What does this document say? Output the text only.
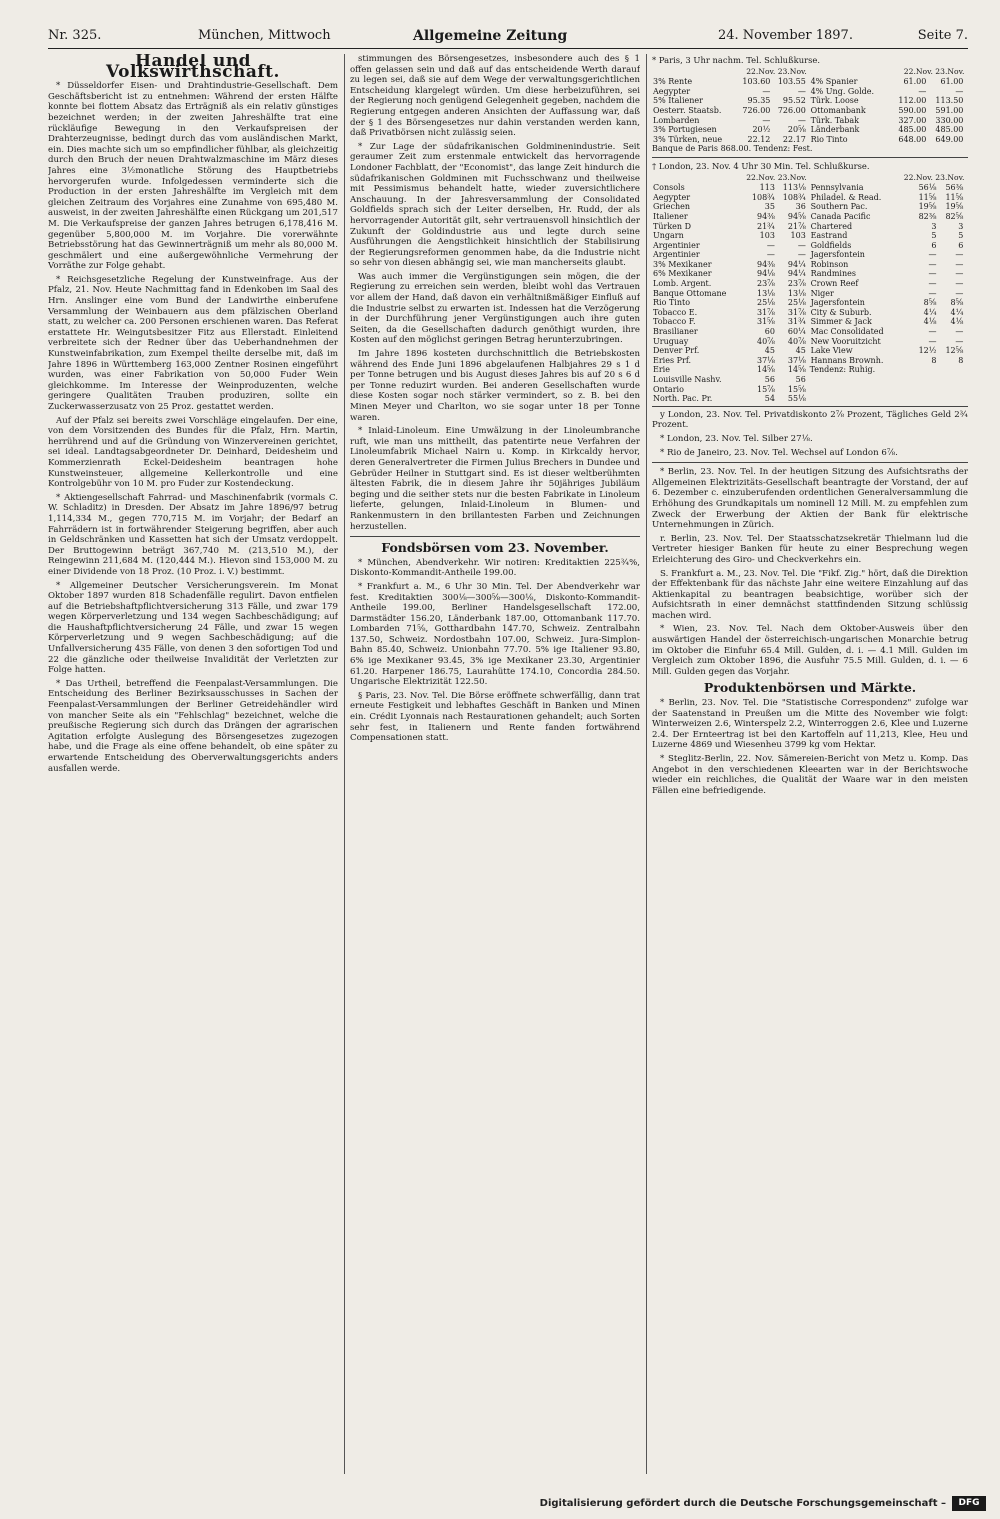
Nr. 325.	München, Mittwoch	Allgemeine Zeitung	24. November 1897.	Seite 7.
Handel und Volkswirthschaft.

* Düsseldorfer Eisen- und Drahtindustrie-Gesellschaft. Dem Geschäftsbericht ist zu entnehmen: Während der ersten Hälfte konnte bei flottem Absatz das Erträgniß als ein relativ günstiges bezeichnet werden; in der zweiten Jahreshälfte trat eine rückläufige Bewegung in den Verkaufspreisen der Drahterzeugnisse, bedingt durch das vom ausländischen Markt, ein. Dies machte sich um so empfindlicher fühlbar, als gleichzeitig durch den Bruch der neuen Drahtwalzmaschine im März dieses Jahres eine 3½monatliche Störung des Hauptbetriebs hervorgerufen wurde. Infolgedessen verminderte sich die Production in der ersten Jahreshälfte im Vergleich mit dem gleichen Zeitraum des Vorjahres eine Zunahme von 695,480 M. ausweist, in der zweiten Jahreshälfte einen Rückgang um 201,517 M. Die Verkaufspreise der ganzen Jahres betrugen 6,178,416 M. gegenüber 5,800,000 M. im Vorjahre. Die vorerwähnte Betriebsstörung hat das Gewinnerträgniß um mehr als 80,000 M. geschmälert und eine außergewöhnliche Vermehrung der Vorräthe zur Folge gehabt.

* Reichsgesetzliche Regelung der Kunstweinfrage. Aus der Pfalz, 21. Nov. Heute Nachmittag fand in Edenkoben im Saal des Hrn. Anslinger eine vom Bund der Landwirthe einberufene Versammlung der Weinbauern aus dem pfälzischen Oberland statt, zu welcher ca. 200 Personen erschienen waren. Das Referat erstattete Hr. Weingutsbesitzer Fitz aus Ellerstadt. Einleitend verbreitete sich der Redner über das Ueberhandnehmen der Kunstweinfabrikation, zum Exempel theilte derselbe mit, daß im Jahre 1896 in Württemberg 163,000 Zentner Rosinen eingeführt wurden, was einer Fabrikation von 50,000 Fuder Wein gleichkomme. Im Interesse der Weinproduzenten, welche geringere Qualitäten Trauben produziren, sollte ein Zuckerwasserzusatz von 25 Proz. gestattet werden.

Auf der Pfalz sei bereits zwei Vorschläge eingelaufen. Der eine, von dem Vorsitzenden des Bundes für die Pfalz, Hrn. Martin, herrührend und auf die Gründung von Winzervereinen gerichtet, sei ideal. Landtagsabgeordneter Dr. Deinhard, Deidesheim und Kommerzienrath Eckel-Deidesheim beantragen hohe Kunstweinsteuer, allgemeine Kellerkontrolle und eine Kontrolgebühr von 10 M. pro Fuder zur Kostendeckung.

* Aktiengesellschaft Fahrrad- und Maschinenfabrik (vormals C. W. Schladitz) in Dresden. Der Absatz im Jahre 1896/97 betrug 1,114,334 M., gegen 770,715 M. im Vorjahr; der Bedarf an Fahrrädern ist in fortwährender Steigerung begriffen, aber auch in Geldschränken und Kassetten hat sich der Umsatz verdoppelt. Der Bruttogewinn beträgt 367,740 M. (213,510 M.), der Reingewinn 211,684 M. (120,444 M.). Hievon sind 153,000 M. zu einer Dividende von 18 Proz. (10 Proz. i. V.) bestimmt.

* Allgemeiner Deutscher Versicherungsverein. Im Monat Oktober 1897 wurden 818 Schadenfälle regulirt. Davon entfielen auf die Betriebshaftpflichtversicherung 313 Fälle, und zwar 179 wegen Körperverletzung und 134 wegen Sachbeschädigung; auf die Haushaftpflichtversicherung 24 Fälle, und zwar 15 wegen Körperverletzung und 9 wegen Sachbeschädigung; auf die Unfallversicherung 435 Fälle, von denen 3 den sofortigen Tod und 22 die gänzliche oder theilweise Invalidität der Verletzten zur Folge hatten.

* Das Urtheil, betreffend die Feenpalast-Versammlungen. Die Entscheidung des Berliner Bezirksausschusses in Sachen der Feenpalast-Versammlungen der Berliner Getreidehändler wird von mancher Seite als ein "Fehlschlag" bezeichnet, welche die preußische Regierung sich durch das Drängen der agrarischen Agitation erfolgte Auslegung des Börsengesetzes zugezogen habe, und die Frage als eine offene behandelt, ob eine später zu erwartende Entscheidung des Oberverwaltungsgerichts anders ausfallen werde.

stimmungen des Börsengesetzes, insbesondere auch des § 1 offen gelassen sein und daß auf das entscheidende Werth darauf zu legen sei, daß sie auf dem Wege der verwaltungsgerichtlichen Entscheidung klargelegt würden. Um diese herbeizuführen, sei der Regierung noch genügend Gelegenheit gegeben, nachdem die Regierung entgegen anderen Ansichten der Auffassung war, daß der § 1 des Börsengesetzes nur dahin verstanden werden kann, daß Privatbörsen nicht zulässig seien.

* Zur Lage der südafrikanischen Goldminenindustrie. Seit geraumer Zeit zum erstenmale entwickelt das hervorragende Londoner Fachblatt, der "Economist", das lange Zeit hindurch die südafrikanischen Goldminen mit Fuchsschwanz und theilweise mit Pessimismus behandelt hatte, wieder zuversichtlichere Anschauung. In der Jahresversammlung der Consolidated Goldfields sprach sich der Leiter derselben, Hr. Rudd, der als hervorragender Autorität gilt, sehr vertrauensvoll hinsichtlich der Zukunft der Goldindustrie aus und legte durch seine Ausführungen die Aengstlichkeit hinsichtlich der Stabilisirung der Regierungsreformen genommen habe, da die Industrie nicht so sehr von diesen abhängig sei, wie man mancherseits glaubt.

Was auch immer die Vergünstigungen sein mögen, die der Regierung zu erreichen sein werden, bleibt wohl das Vertrauen vor allem der Hand, daß davon ein verhältnißmäßiger Einfluß auf die Industrie selbst zu erwarten ist. Indessen hat die Verzögerung in der Durchführung jener Vergünstigungen auch ihre guten Seiten, da die Gesellschaften dadurch genöthigt wurden, ihre Kosten auf den möglichst geringen Betrag herunterzubringen.

Im Jahre 1896 kosteten durchschnittlich die Betriebskosten während des Ende Juni 1896 abgelaufenen Halbjahres 29 s 1 d per Tonne betrugen und bis August dieses Jahres bis auf 20 s 6 d per Tonne reduzirt wurden. Bei anderen Gesellschaften wurde diese Kosten sogar noch stärker vermindert, so z. B. bei den Minen Meyer und Charlton, wo sie sogar unter 18 per Tonne waren.

* Inlaid-Linoleum. Eine Umwälzung in der Linoleumbranche ruft, wie man uns mittheilt, das patentirte neue Verfahren der Linoleumfabrik Michael Nairn u. Komp. in Kirkcaldy hervor, deren Generalvertreter die Firmen Julius Brechers in Dundee und Gebrüder Heilner in Stuttgart sind. Es ist dieser weltberühmten ältesten Fabrik, die in diesem Jahre ihr 50jähriges Jubiläum beging und die seither stets nur die besten Fabrikate in Linoleum lieferte, gelungen, Inlaid-Linoleum in Blumen- und Rankenmustern in den brillantesten Farben und Zeichnungen herzustellen.

Fondsbörsen vom 23. November.

* München, Abendverkehr. Wir notiren: Kreditaktien 225¾%, Diskonto-Kommandit-Antheile 199.00.

* Frankfurt a. M., 6 Uhr 30 Min. Tel. Der Abendverkehr war fest. Kreditaktien 300⅛—300⅝—300⅛, Diskonto-Kommandit-Antheile 199.00, Berliner Handelsgesellschaft 172.00, Darmstädter 156.20, Länderbank 187.00, Ottomanbank 117.70. Lombarden 71⅝, Gotthardbahn 147.70, Schweiz. Zentralbahn 137.50, Schweiz. Nordostbahn 107.00, Schweiz. Jura-Simplon-Bahn 85.40, Schweiz. Unionbahn 77.70. 5% ige Italiener 93.80, 6% ige Mexikaner 93.45, 3% ige Mexikaner 23.30, Argentinier 61.20. Harpener 186.75, Laurahütte 174.10, Concordia 284.50. Ungarische Elektrizität 122.50.

§ Paris, 23. Nov. Tel. Die Börse eröffnete schwerfällig, dann trat erneute Festigkeit und lebhaftes Geschäft in Banken und Minen ein. Crédit Lyonnais nach Restaurationen gehandelt; auch Sorten sehr fest, in Italienern und Rente fanden fortwährend Compensationen statt.

* Paris, 3 Uhr nachm. Tel. Schlußkurse.
22.Nov. 23.Nov.
3% Rente	103.60	103.55
Aegypter	—	—
5% Italiener	95.35	95.52
Oesterr. Staatsb.	726.00	726.00
Lombarden	—	—
3% Portugiesen	20½	20⅝
3% Türken, neue	22.12	22.17

22.Nov. 23.Nov.
4% Spanier	61.00	61.00
4% Ung. Golde.	—	—
Türk. Loose	112.00	113.50
Ottomanbank	590.00	591.00
Türk. Tabak	327.00	330.00
Länderbank	485.00	485.00
Rio Tinto	648.00	649.00
Banque de Paris 868.00. Tendenz: Fest.
† London, 23. Nov. 4 Uhr 30 Min. Tel. Schlußkurse.
22.Nov. 23.Nov.
Consols	113	113⅛
Aegypter	108¾	108¾
Griechen	35	36
Italiener	94⅜	94⅝
Türken D	21¾	21⅞
Ungarn	103	103
Argentinier	—	—
Argentinier	—	—
3% Mexikaner	94⅜	94¼
6% Mexikaner	94⅛	94¼
Lomb. Argent.	23⅞	23⅞
Banque Ottomane	13⅛	13⅛
Rio Tinto	25⅛	25⅛
Tobacco E.	31⅞	31⅞
Tobacco F.	31⅝	31¾
Brasilianer	60	60¼
Uruguay	40⅞	40⅞
Denver Prf.	45	45
Eries Prf.	37⅛	37⅛
Erie	14⅝	14⅝
Louisville Nashv.	56	56
Ontario	15⅞	15⅝
North. Pac. Pr.	54	55⅛

22.Nov. 23.Nov.
Pennsylvania	56⅛	56⅜
Philadel. & Read.	11⅝	11⅝
Southern Pac.	19⅝	19⅝
Canada Pacific	82⅜	82⅝
Chartered	3	3
Eastrand	5	5
Goldfields	6	6
Jagersfontein	—	—
Robinson	—	—
Randmines	—	—
Crown Reef	—	—
Niger	—	—
Jagersfontein	8⅝	8⅝
City & Suburb.	4¼	4¼
Simmer & Jack	4⅛	4⅛
Mac Consolidated	—	—
New Vooruitzicht	—	—
Lake View	12½	12⅝
Hannans Brownh.	8	8
Tendenz: Ruhig.

y London, 23. Nov. Tel. Privatdiskonto 2⅞ Prozent, Tägliches Geld 2¾ Prozent.

* London, 23. Nov. Tel. Silber 27⅛.

* Rio de Janeiro, 23. Nov. Tel. Wechsel auf London 6⅞.

* Berlin, 23. Nov. Tel. In der heutigen Sitzung des Aufsichtsraths der Allgemeinen Elektrizitäts-Gesellschaft beantragte der Vorstand, der auf 6. Dezember c. einzuberufenden ordentlichen Generalversammlung die Erhöhung des Grundkapitals um nominell 12 Mill. M. zu empfehlen zum Zweck der Erwerbung der Aktien der Bank für elektrische Unternehmungen in Zürich.

r. Berlin, 23. Nov. Tel. Der Staatsschatzsekretär Thielmann lud die Vertreter hiesiger Banken für heute zu einer Besprechung wegen Erleichterung des Giro- und Checkverkehrs ein.

S. Frankfurt a. M., 23. Nov. Tel. Die "Fikf. Zig." hört, daß die Direktion der Effektenbank für das nächste Jahr eine weitere Einzahlung auf das Aktienkapital zu beantragen beabsichtige, worüber sich der Aufsichtsrath in einer demnächst stattfindenden Sitzung schlüssig machen wird.

* Wien, 23. Nov. Tel. Nach dem Oktober-Ausweis über den auswärtigen Handel der österreichisch-ungarischen Monarchie betrug im Oktober die Einfuhr 65.4 Mill. Gulden, d. i. — 4.1 Mill. Gulden im Vergleich zum Oktober 1896, die Ausfuhr 75.5 Mill. Gulden, d. i. — 6 Mill. Gulden gegen das Vorjahr.

Produktenbörsen und Märkte.

* Berlin, 23. Nov. Tel. Die "Statistische Correspondenz" zufolge war der Saatenstand in Preußen um die Mitte des November wie folgt: Winterweizen 2.6, Winterspelz 2.2, Winterroggen 2.6, Klee und Luzerne 2.4. Der Ernteertrag ist bei den Kartoffeln auf 11,213, Klee, Heu und Luzerne 4869 und Wiesenheu 3799 kg vom Hektar.

* Steglitz-Berlin, 22. Nov. Sämereien-Bericht von Metz u. Komp. Das Angebot in den verschiedenen Kleearten war in der Berichtswoche wieder ein reichliches, die Qualität der Waare war in den meisten Fällen eine befriedigende.

Digitalisierung gefördert durch die Deutsche Forschungsgemeinschaft –	DFG
